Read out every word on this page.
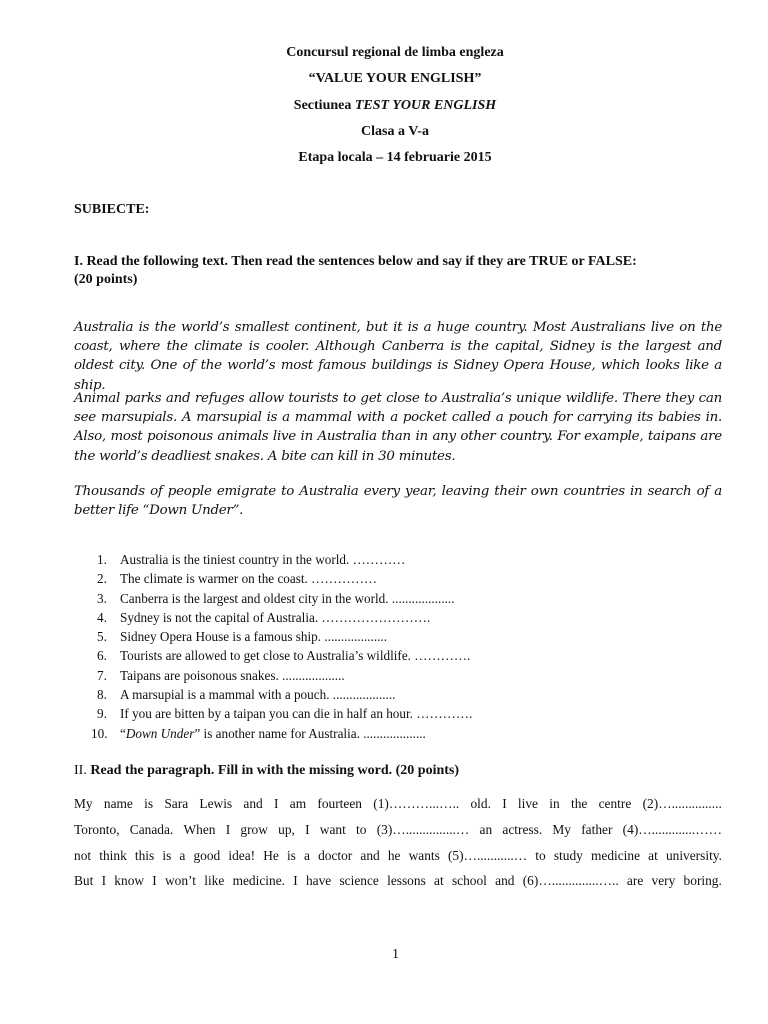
Concursul regional de limba engleza
“VALUE YOUR ENGLISH”
Sectiunea TEST YOUR ENGLISH
Clasa a V-a
Etapa locala – 14 februarie 2015
SUBIECTE:
I. Read the following text. Then read the sentences below and say if they are TRUE or FALSE:
(20 points)
Australia is the world’s smallest continent, but it is a huge country. Most Australians live on the coast, where the climate is cooler. Although Canberra is the capital, Sidney is the largest and oldest city. One of the world’s most famous buildings is Sidney Opera House, which looks like a ship.
Animal parks and refuges allow tourists to get close to Australia’s unique wildlife. There they can see marsupials. A marsupial is a mammal with a pocket called a pouch for carrying its babies in. Also, most poisonous animals live in Australia than in any other country. For example, taipans are the world’s deadliest snakes. A bite can kill in 30 minutes.
Thousands of people emigrate to Australia every year, leaving their own countries in search of a better life “Down Under”.
1. Australia is the tiniest country in the world. …………
2. The climate is warmer on the coast. ……………
3. Canberra is the largest and oldest city in the world. ...................
4. Sydney is not the capital of Australia. …………………….
5. Sidney Opera House is a famous ship. ...................
6. Tourists are allowed to get close to Australia’s wildlife. ………….
7. Taipans are poisonous snakes. ...................
8. A marsupial is a mammal with a pouch. ...................
9. If you are bitten by a taipan you can die in half an hour. ………….
10. “Down Under” is another name for Australia. ...................
II. Read the paragraph. Fill in with the missing word. (20 points)
My name is Sara Lewis and I am fourteen (1)………...….. old. I live in the centre (2)…...............
Toronto, Canada. When I grow up, I want to (3)…...............… an actress. My father (4)….............……
not think this is a good idea! He is a doctor and he wants (5)…...........… to study medicine at university.
But I know I won’t like medicine. I have science lessons at school and (6)…..............….. are very boring.
1
